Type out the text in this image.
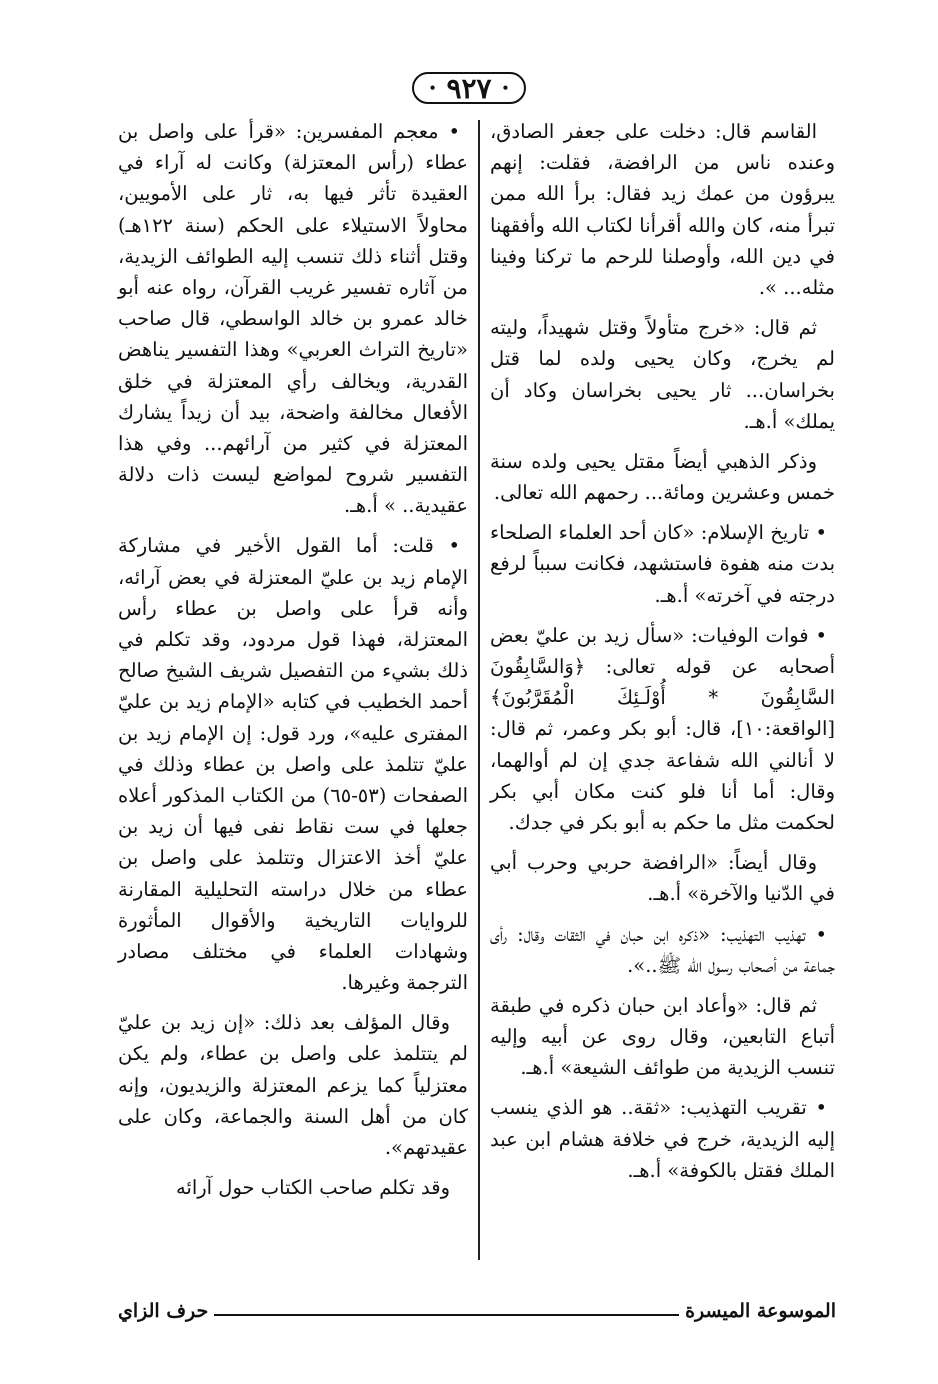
•
٩٢٧
•

القاسم قال: دخلت على جعفر الصادق، وعنده ناس من الرافضة، فقلت: إنهم يبرؤون من عمك زيد فقال: برأ الله ممن تبرأ منه، كان والله أقرأنا لكتاب الله وأفقهنا في دين الله، وأوصلنا للرحم ما تركنا وفينا مثله... ».

ثم قال: «خرج متأولاً وقتل شهيداً، وليته لم يخرج، وكان يحيى ولده لما قتل بخراسان... ثار يحيى بخراسان وكاد أن يملك» أ.هـ.

وذكر الذهبي أيضاً مقتل يحيى ولده سنة خمس وعشرين ومائة... رحمهم الله تعالى.

• تاريخ الإسلام: «كان أحد العلماء الصلحاء بدت منه هفوة فاستشهد، فكانت سبباً لرفع درجته في آخرته» أ.هـ.

• فوات الوفيات: «سأل زيد بن عليّ بعض أصحابه عن قوله تعالى: ﴿وَالسَّابِقُونَ السَّابِقُونَ * أُوْلَـئِكَ الْمُقَرَّبُونَ﴾ [الواقعة:١٠]، قال: أبو بكر وعمر، ثم قال: لا أنالني الله شفاعة جدي إن لم أوالهما، وقال: أما أنا فلو كنت مكان أبي بكر لحكمت مثل ما حكم به أبو بكر في جدك.

وقال أيضاً: «الرافضة حربي وحرب أبي في الدّنيا والآخرة» أ.هـ.

• تهذيب التهذيب: «ذكره ابن حبان في الثقات وقال: رأى جماعة من أصحاب رسول الله ﷺ..».

ثم قال: «وأعاد ابن حبان ذكره في طبقة أتباع التابعين، وقال روى عن أبيه وإليه تنسب الزيدية من طوائف الشيعة» أ.هـ.

• تقريب التهذيب: «ثقة.. هو الذي ينسب إليه الزيدية، خرج في خلافة هشام ابن عبد الملك فقتل بالكوفة» أ.هـ.

• معجم المفسرين: «قرأ على واصل بن عطاء (رأس المعتزلة) وكانت له آراء في العقيدة تأثر فيها به، ثار على الأمويين، محاولاً الاستيلاء على الحكم (سنة ١٢٢هـ) وقتل أثناء ذلك تنسب إليه الطوائف الزيدية، من آثاره تفسير غريب القرآن، رواه عنه أبو خالد عمرو بن خالد الواسطي، قال صاحب «تاريخ التراث العربي» وهذا التفسير يناهض القدرية، ويخالف رأي المعتزلة في خلق الأفعال مخالفة واضحة، بيد أن زيداً يشارك المعتزلة في كثير من آرائهم... وفي هذا التفسير شروح لمواضع ليست ذات دلالة عقيدية.. » أ.هـ.

• قلت: أما القول الأخير في مشاركة الإمام زيد بن عليّ المعتزلة في بعض آرائه، وأنه قرأ على واصل بن عطاء رأس المعتزلة، فهذا قول مردود، وقد تكلم في ذلك بشيء من التفصيل شريف الشيخ صالح أحمد الخطيب في كتابه «الإمام زيد بن عليّ المفترى عليه»، ورد قول: إن الإمام زيد بن عليّ تتلمذ على واصل بن عطاء وذلك في الصفحات (٥٣-٦٥) من الكتاب المذكور أعلاه جعلها في ست نقاط نفى فيها أن زيد بن عليّ أخذ الاعتزال وتتلمذ على واصل بن عطاء من خلال دراسته التحليلية المقارنة للروايات التاريخية والأقوال المأثورة وشهادات العلماء في مختلف مصادر الترجمة وغيرها.

وقال المؤلف بعد ذلك: «إن زيد بن عليّ لم يتتلمذ على واصل بن عطاء، ولم يكن معتزلياً كما يزعم المعتزلة والزيديون، وإنه كان من أهل السنة والجماعة، وكان على عقيدتهم».

وقد تكلم صاحب الكتاب حول آرائه

الموسوعة الميسرة
حرف الزاي
